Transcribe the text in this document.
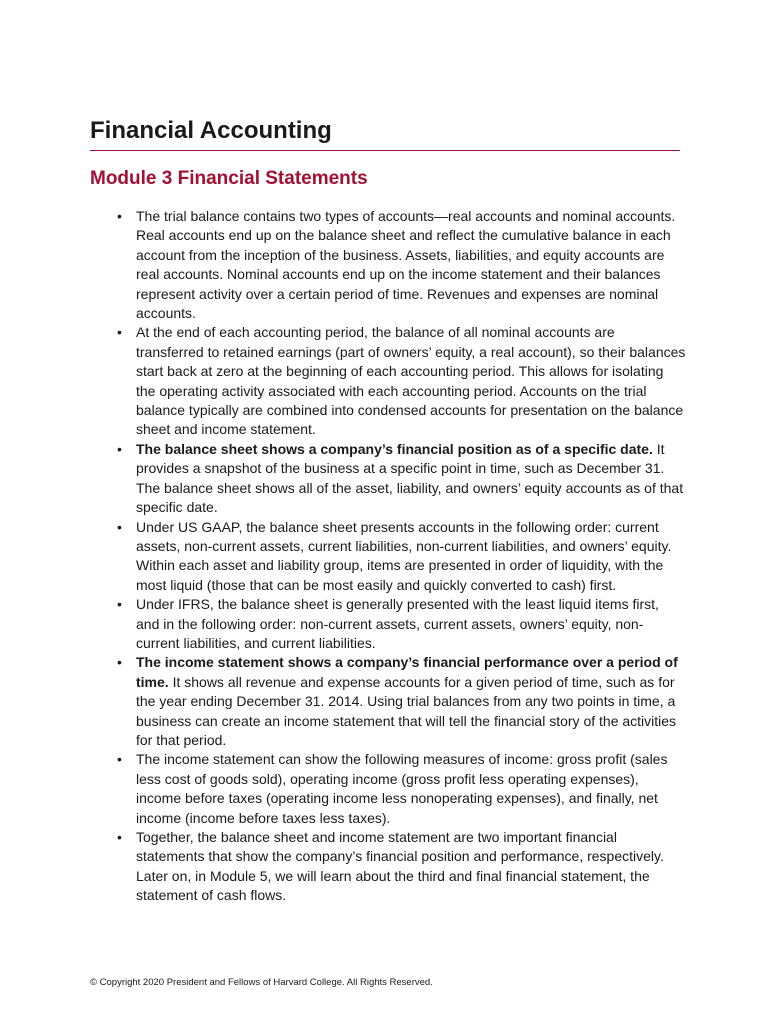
Financial Accounting
Module 3 Financial Statements
• The trial balance contains two types of accounts—real accounts and nominal accounts. Real accounts end up on the balance sheet and reflect the cumulative balance in each account from the inception of the business. Assets, liabilities, and equity accounts are real accounts. Nominal accounts end up on the income statement and their balances represent activity over a certain period of time. Revenues and expenses are nominal accounts.
• At the end of each accounting period, the balance of all nominal accounts are transferred to retained earnings (part of owners’ equity, a real account), so their balances start back at zero at the beginning of each accounting period. This allows for isolating the operating activity associated with each accounting period. Accounts on the trial balance typically are combined into condensed accounts for presentation on the balance sheet and income statement.
• The balance sheet shows a company’s financial position as of a specific date. It provides a snapshot of the business at a specific point in time, such as December 31. The balance sheet shows all of the asset, liability, and owners’ equity accounts as of that specific date.
• Under US GAAP, the balance sheet presents accounts in the following order: current assets, non-current assets, current liabilities, non-current liabilities, and owners’ equity. Within each asset and liability group, items are presented in order of liquidity, with the most liquid (those that can be most easily and quickly converted to cash) first.
• Under IFRS, the balance sheet is generally presented with the least liquid items first, and in the following order: non-current assets, current assets, owners’ equity, non-current liabilities, and current liabilities.
• The income statement shows a company’s financial performance over a period of time. It shows all revenue and expense accounts for a given period of time, such as for the year ending December 31. 2014. Using trial balances from any two points in time, a business can create an income statement that will tell the financial story of the activities for that period.
• The income statement can show the following measures of income: gross profit (sales less cost of goods sold), operating income (gross profit less operating expenses), income before taxes (operating income less nonoperating expenses), and finally, net income (income before taxes less taxes).
• Together, the balance sheet and income statement are two important financial statements that show the company’s financial position and performance, respectively. Later on, in Module 5, we will learn about the third and final financial statement, the statement of cash flows.

© Copyright 2020 President and Fellows of Harvard College. All Rights Reserved.
